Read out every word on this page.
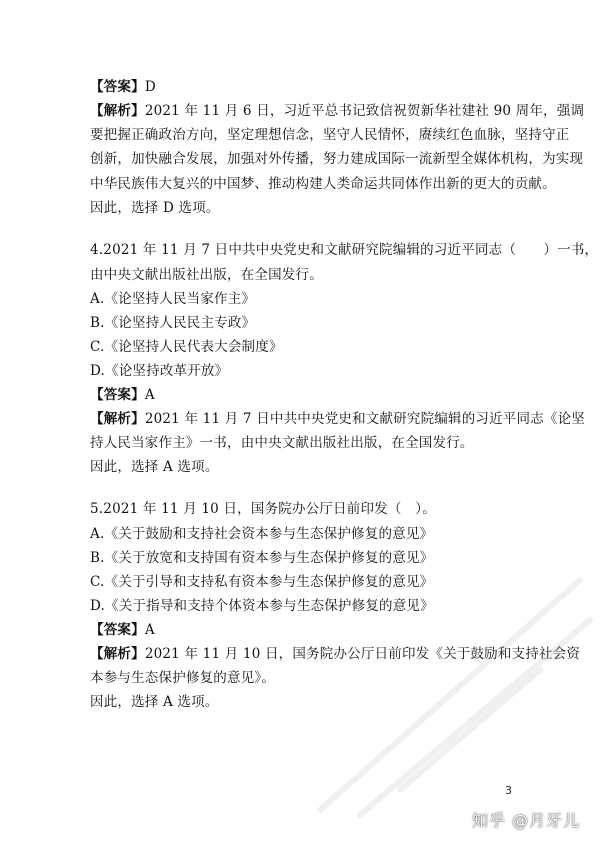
【答案】D
【解析】2021 年 11 月 6 日，习近平总书记致信祝贺新华社建社 90 周年，强调
要把握正确政治方向，坚定理想信念，坚守人民情怀，赓续红色血脉，坚持守正
创新，加快融合发展，加强对外传播，努力建成国际一流新型全媒体机构，为实现
中华民族伟大复兴的中国梦、推动构建人类命运共同体作出新的更大的贡献。
因此，选择 D 选项。
4.2021 年 11 月 7 日中共中央党史和文献研究院编辑的习近平同志（　　）一书，
由中央文献出版社出版，在全国发行。
A.《论坚持人民当家作主》
B.《论坚持人民民主专政》
C.《论坚持人民代表大会制度》
D.《论坚持改革开放》
【答案】A
【解析】2021 年 11 月 7 日中共中央党史和文献研究院编辑的习近平同志《论坚
持人民当家作主》一书，由中央文献出版社出版，在全国发行。
因此，选择 A 选项。
5.2021 年 11 月 10 日，国务院办公厅日前印发（　）。
A.《关于鼓励和支持社会资本参与生态保护修复的意见》
B.《关于放宽和支持国有资本参与生态保护修复的意见》
C.《关于引导和支持私有资本参与生态保护修复的意见》
D.《关于指导和支持个体资本参与生态保护修复的意见》
【答案】A
【解析】2021 年 11 月 10 日，国务院办公厅日前印发《关于鼓励和支持社会资
本参与生态保护修复的意见》。
因此，选择 A 选项。
3
知乎 @月牙儿
